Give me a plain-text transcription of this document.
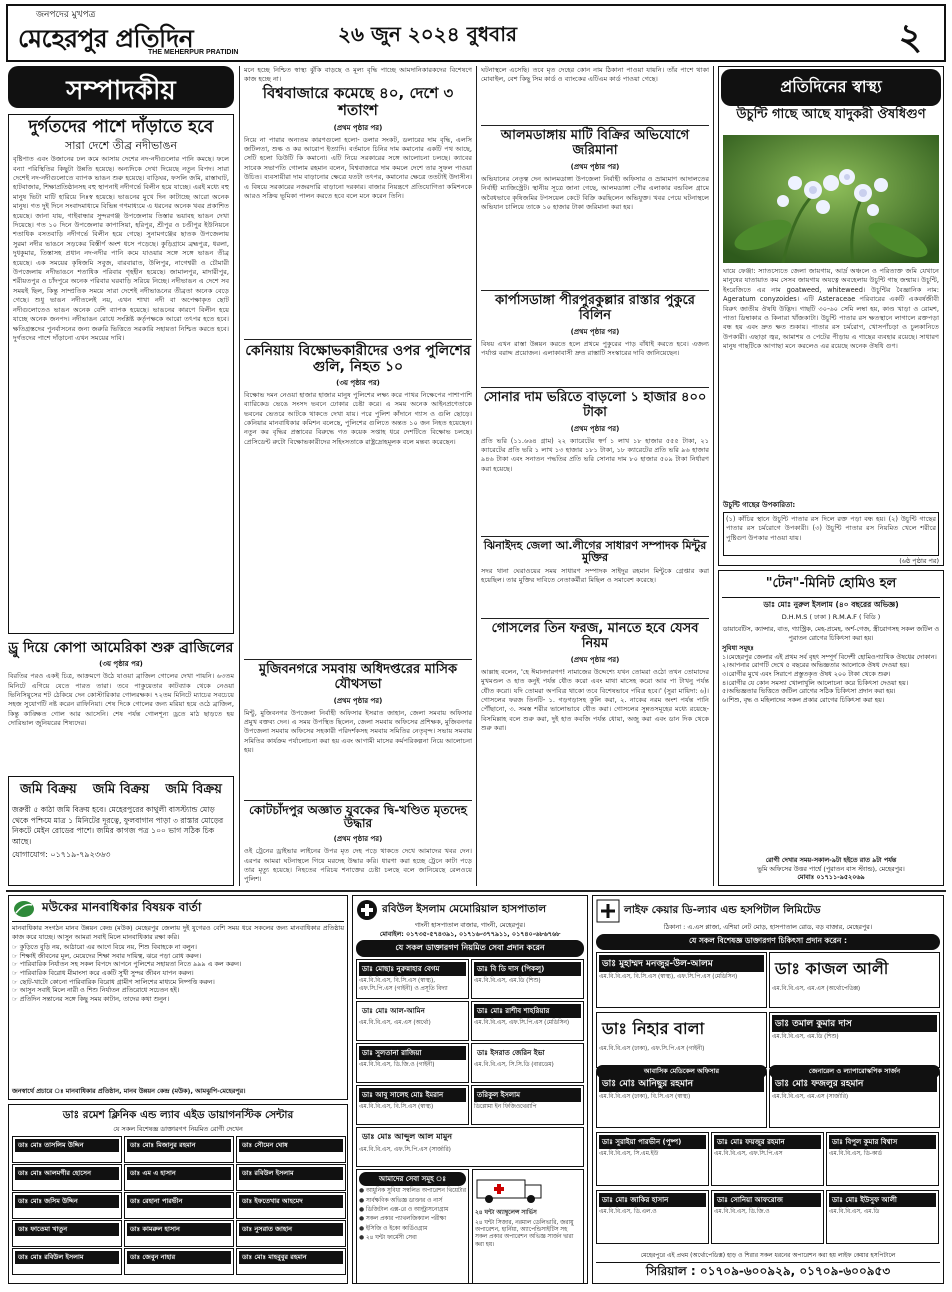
জনপদের মুখপত্র
মেহেরপুর প্রতিদিন
THE MEHERPUR PRATIDIN
২৬ জুন ২০২৪ বুধবার	২
সম্পাদকীয়
দুর্গতদের পাশে দাঁড়াতে হবে
সারা দেশে তীব্র নদীভাঙন
বৃষ্টিপাত এবং উজানের ঢল কমে আসায় দেশের নদ-নদীগুলোর পানি কমছে। ফলে বন্যা পরিস্থিতির কিছুটা উন্নতি হয়েছে। অন্যদিকে দেখা দিয়েছে নতুন বিপদ। সারা দেশেই নদ-নদীগুলোতে ব্যাপক ভাঙন শুরু হয়েছে। বাড়িঘর, ফসলি জমি, রাস্তাঘাট, হাটবাজার, শিক্ষাপ্রতিষ্ঠানসহ বহু স্থাপনাই নদীগর্ভে বিলীন হয়ে যাচ্ছে। এরই মধ্যে বহু মানুষ ভিটা মাটি হারিয়ে নিঃস্ব হয়েছে। ভাঙনের মুখে দিন কাটাচ্ছে আরো অনেক মানুষ। গত দুই দিনে সংবাদমাধ্যমে বিভিন্ন গণমাধ্যমে এ ধরনের অনেক খবর প্রকাশিত হয়েছে। জানা যায়, গাইবান্ধার সুন্দরগঞ্জ উপজেলায় তিস্তার ভয়াবহ ভাঙন দেখা দিয়েছে। গত ১০ দিনে উপজেলার কাপাসিয়া, হরিপুর, শ্রীপুর ও চণ্ডীপুর ইউনিয়নে শতাধিক বসতবাড়ি নদীগর্ভে বিলীন হয়ে গেছে। সুনামগঞ্জের ছাতক উপজেলায় সুরমা নদীর ভাঙনে সড়কের বিস্তীর্ণ অংশ ধসে পড়েছে। কুড়িগ্রামে ব্রহ্মপুত্র, ধরলা, দুধকুমার, তিস্তাসহ প্রধান নদ-নদীর পানি কমে যাওয়ার সঙ্গে সঙ্গে ভাঙন তীব্র হয়েছে। এক সময়ের কৃষিজমি সবুজ, বারবারাত, উলিপুর, নাগেশ্বরী ও চৌমারী উপজেলায় নদীভাঙনে শতাধিক পরিবার গৃহহীন হয়েছে। জামালপুর, মাদারীপুর, শরীয়তপুর ও চাঁদপুরে অনেক পরিবার ঘরবাড়ি সরিয়ে নিচ্ছে। নদীভাঙন এ দেশে সব সময়ই ছিল, কিন্তু সাম্প্রতিক সময়ে সারা দেশেই নদীভাঙনের তীব্রতা অনেক বেড়ে গেছে। শুধু ভাঙন নদীতলেই নয়, এখন শাখা নদী বা অপেক্ষাকৃত ছোট নদীগুলোতেও ভাঙন অনেক বেশি ব্যাপক হয়েছে। ভাঙনের কারণে বিলীন হয়ে যাচ্ছে অনেক জনপদ। নদীভাঙন রোধে সংশ্লিষ্ট কর্তৃপক্ষকে আরো তৎপর হতে হবে। ক্ষতিগ্রস্তদের পুনর্বাসনের জন্য জরুরি ভিত্তিতে সরকারি সহায়তা নিশ্চিত করতে হবে। দুর্গতদের পাশে দাঁড়ানো এখন সময়ের দাবি।
ড্রু দিয়ে কোপা আমেরিকা শুরু ব্রাজিলের
(৩য় পৃষ্ঠার পর)
বিরতির পরও একই চিত্র, আক্রমণে উঠে যাওয়া ব্রাজিল গোলের দেখা পায়নি। ৬৩তম মিনিটে এগিয়ে যেতে পারত তারা। তবে পাকুয়েতার কাটব্যাক থেকে নেওয়া ভিনিসিয়ুসের শট ঠেকিয়ে দেন কোস্টারিকার গোলরক্ষক। ৭২তম মিনিটে ম্যাচের সবচেয়ে সহজ সুযোগটি নষ্ট করেন রাফিনিয়া। শেষ দিকে গোলের জন্য মরিয়া হয়ে ওঠে ব্রাজিল, কিন্তু কাঙ্ক্ষিত গোল আর আসেনি। শেষ পর্যন্ত গোলশূন্য ড্রতে মাঠ ছাড়তে হয় দোরিভাল জুনিয়রের শিষ্যদের।
জমি বিক্রয় জমি বিক্রয় জমি বিক্রয়
জরুরী ৫ কাঠা জমি বিক্রয় হবে। মেহেরপুরের কাথুলী বাসস্ট্যান্ড মোড় থেকে পশ্চিমে মাত্র ১ মিনিটের দূরত্বে, ফুলবাগান পাড়া ৩ রাস্তার মোড়ের নিকটে মেইন রোডের পাশে। জমির কাগজ পত্র ১০০ ভাগ সঠিক চিক আছে।
যোগাযোগ: ০১৭১৯-৭৯২৩৬৩
মনে হচ্ছে নিশ্চিত স্বাস্থ্য ঝুঁকি বাড়ছে ও মূল্য বৃদ্ধি পাচ্ছে আমদানিকারকদের বিশেষণে কাজ হচ্ছে না।
বিশ্ববাজারে কমেছে ৪০, দেশে ৩ শতাংশ
(প্রথম পৃষ্ঠার পর)
নিয়ে না পারার অন্যতম কারণগুলো হলো- ডলার সংকট, ডলারের দাম বৃদ্ধি, এলসি জটিলতা, শুল্ক ও কর আরোপ ইত্যাদি। বর্তমানে চিনির দাম কমানোর একটি পথ আছে, সেটি হলো ডিউটি কি কমানো। এটি নিয়ে সরকারের সঙ্গে আলোচনা চলছে। ক্যাবের সাবেক সভাপতি গোলাম রহমান বলেন, বিশ্ববাজারে দাম কমলে দেশে তার সুফল পাওয়া উচিত। ব্যবসায়ীরা দাম বাড়ানোর ক্ষেত্রে যতটা তৎপর, কমানোর ক্ষেত্রে ততটাই উদাসীন। এ বিষয়ে সরকারের নজরদারি বাড়ানো দরকার। বাজার নিয়ন্ত্রণে প্রতিযোগিতা কমিশনকে আরও সক্রিয় ভূমিকা পালন করতে হবে বলে মনে করেন তিনি।
কেনিয়ায় বিক্ষোভকারীদের ওপর পুলিশের গুলি, নিহত ১০
(৩য় পৃষ্ঠার পর)
বিক্ষোভ দমন নেওয়া হাজার হাজার মানুষ পুলিশের লক্ষ্য করে পাথর নিক্ষেপের পাশাপাশি ব্যারিকেড ভেঙে সংসদ ভবনে ঢোকার চেষ্টা করে। এ সময় অনেক আইনপ্রণেতাকে ভবনের ভেতরে আটকে থাকতে দেখা যায়। পরে পুলিশ কাঁদানে গ্যাস ও গুলি ছোড়ে। কেনিয়ার মানবাধিকার কমিশন বলেছে, পুলিশের গুলিতে অন্তত ১০ জন নিহত হয়েছেন। নতুন কর বৃদ্ধির প্রস্তাবের বিরুদ্ধে গত কয়েক সপ্তাহ ধরে দেশটিতে বিক্ষোভ চলছে। প্রেসিডেন্ট রুটো বিক্ষোভকারীদের সহিংসতাকে রাষ্ট্রদ্রোহমূলক বলে মন্তব্য করেছেন।
মুজিবনগরে সমবায় অধিদপ্তরের মাসিক যৌথসভা
(প্রথম পৃষ্ঠার পর)
মিন্টু, মুজিবনগর উপজেলা নির্বাহী অফিসার ইসরাত জাহান, জেলা সমবায় অফিসার প্রমুখ বক্তব্য দেন। এ সময় উপস্থিত ছিলেন, জেলা সমবায় অফিসের প্রশিক্ষক, মুজিবনগর উপজেলা সমবায় অফিসের সহকারী পরিদর্শকসহ সমবায় সমিতির নেতৃবৃন্দ। সভায় সমবায় সমিতির কার্যক্রম পর্যালোচনা করা হয় এবং আগামী মাসের কর্মপরিকল্পনা নিয়ে আলোচনা হয়।
কোটচাঁদপুর অজ্ঞাত যুবকের দ্বি-খণ্ডিত মৃতদেহ উদ্ধার
(প্রথম পৃষ্ঠার পর)
ওই ট্রেনের ড্রাইভার লাইনের উপর মৃত দেহ পড়ে থাকতে দেখে আমাদের খবর দেন। এরপর আমরা ঘটনাস্থলে গিয়ে মরদেহ উদ্ধার করি। ধারণা করা হচ্ছে ট্রেনে কাটা পড়ে তার মৃত্যু হয়েছে। নিহতের পরিচয় শনাক্তের চেষ্টা চলছে বলে জানিয়েছে রেলওয়ে পুলিশ।
ঘটনাস্থলে এসেছি। তবে মৃত দেহের কোন নাম ঠিকানা পাওয়া যায়নি। তাঁর পাশে থাকা মোবাইল, বেশ কিছু সিম কার্ড ও ব্যাংকের এটিএম কার্ড পাওয়া গেছে।
আলমডাঙ্গায় মাটি বিক্রির অভিযোগে জরিমানা
(প্রথম পৃষ্ঠার পর)
অভিযানের নেতৃত্ব দেন আলমডাঙ্গা উপজেলা নির্বাহী অফিসার ও ভ্রাম্যমাণ আদালতের নির্বাহী ম্যাজিস্ট্রেট। স্থানীয় সূত্রে জানা গেছে, আলমডাঙ্গা পৌর এলাকার বন্ডবিল গ্রামে অবৈধভাবে কৃষিজমির টপসয়েল কেটে বিক্রি করছিলেন অভিযুক্ত। খবর পেয়ে ঘটনাস্থলে অভিযান চালিয়ে তাকে ১০ হাজার টাকা জরিমানা করা হয়।
কার্পাসডাঙ্গা পীরপুরকুল্লার রাস্তার পুকুরে বিলিন
(প্রথম পৃষ্ঠার পর)
বিষয় এখন রাস্তা উন্নয়ন করতে হলে প্রথমে পুকুরের পাড় বাঁধাই করতে হবে। এজন্য পর্যাপ্ত বরাদ্দ প্রয়োজন। এলাকাবাসী দ্রুত রাস্তাটি সংস্কারের দাবি জানিয়েছেন।
সোনার দাম ভরিতে বাড়লো ১ হাজার ৪০০ টাকা
(প্রথম পৃষ্ঠার পর)
প্রতি ভরি (১১.৬৬৪ গ্রাম) ২২ ক্যারেটের স্বর্ণ ১ লাখ ১৮ হাজার ৫৫৫ টাকা, ২১ ক্যারেটের প্রতি ভরি ১ লাখ ১৩ হাজার ১৮১ টাকা, ১৮ ক্যারেটের প্রতি ভরি ৯৬ হাজার ৯৪৬ টাকা এবং সনাতন পদ্ধতির প্রতি ভরি সোনার দাম ৮০ হাজার ৫০৯ টাকা নির্ধারণ করা হয়েছে।
ঝিনাইদহ জেলা আ.লীগের সাধারণ সম্পাদক মিন্টুর মুক্তির
সদর থানা ঘেরাওয়ের সময় সাধারণ সম্পাদক সাইদুর রহমান মিন্টুকে গ্রেপ্তার করা হয়েছিল। তার মুক্তির দাবিতে নেতাকর্মীরা মিছিল ও সমাবেশ করেছে।
গোসলের তিন ফরজ, মানতে হবে যেসব নিয়ম
(প্রথম পৃষ্ঠার পর)
আল্লাহ বলেন, 'হে ঈমানদারগণ! নামাজের উদ্দেশ্যে যখন তোমরা ওঠো তখন তোমাদের মুখমণ্ডল ও হাত কনুই পর্যন্ত ধৌত করো এবং মাথা মাসেহ করো আর পা টাখনু পর্যন্ত ধৌত করো। যদি তোমরা অপবিত্র থাকো তবে বিশেষভাবে পবিত্র হবে।' (সুরা মায়িদা: ৬)। গোসলের ফরজ তিনটি- ১. গড়গড়াসহ কুলি করা, ২. নাকের নরম অংশ পর্যন্ত পানি পৌঁছানো, ৩. সমস্ত শরীর ভালোভাবে ধৌত করা। গোসলের সুন্নতসমূহের মধ্যে রয়েছে- বিসমিল্লাহ বলে শুরু করা, দুই হাত কবজি পর্যন্ত ধোয়া, অজু করা এবং ডান দিক থেকে শুরু করা।
প্রতিদিনের স্বাস্থ্য
উচুন্টি গাছে আছে যাদুকরী ঔষধিগুণ
ঘায়ে ফেঞ্জা: স্যাতস্যেতে জেলা জায়গায়, আর্দ্র অঞ্চলে ও পরিত্যক্ত জমি যেখানে মানুষের যাতায়াত কম সেসব জায়গায় অযত্নে অবহেলায় উচুন্টি গাছ জন্মায়। উচুন্টি, ইংরেজিতে এর নাম goatweed, whiteweed। উচুন্টির বৈজ্ঞানিক নাম: Ageratum conyzoides। এটি Asteraceae পরিবারের একটি একবর্ষজীবী বিরুৎ জাতীয় ঔষধি উদ্ভিদ। গাছটি ৩০-৬০ সেমি লম্বা হয়, কাণ্ড খাড়া ও রোমশ, পাতা ডিম্বাকার ও কিনারা খাঁজকাটা। উচুন্টি পাতার রস ক্ষতস্থানে লাগালে রক্তপড়া বন্ধ হয় এবং দ্রুত ক্ষত শুকায়। পাতার রস চর্মরোগ, খোসপাঁচড়া ও চুলকানিতে উপকারী। এছাড়া জ্বর, আমাশয় ও পেটের পীড়ায় এ গাছের ব্যবহার রয়েছে। সাধারণ মানুষ গাছটিকে আগাছা মনে করলেও এর রয়েছে অনেক ঔষধি গুণ।
উচুন্টি গাছের উপকারিতা:
(১) কাঁচির স্থানে উচুন্টি পাতার রস দিলে রক্ত পড়া বন্ধ হয়। (২) উচুন্টি গাছের পাতার রস চর্মরোগে উপকারী। (৩) উচুন্টি পাতার রস নিয়মিত খেলে শরীরে পুষ্টিগুণ উপকার পাওয়া যায়।
(৬ষ্ঠ পৃষ্ঠার পর)
"টেন"-মিনিট হোমিও হল
ডাঃ মোঃ নুরুল ইসলাম (৪০ বছরের অভিজ্ঞ)
D.H.M.S ( ঢাকা ) R.M.A.F ( বিডি )
ডায়াবেটিস, ক্যান্সার, বাত, গ্যাস্ট্রিক, মেহ-প্রমেহ, অর্শ-গেজ, স্ত্রীরোগসহ সকল জটিল ও পুরাতন রোগের চিকিৎসা করা হয়।
সুবিধা সমূহঃ
১।মেহেরপুর জেলার এই প্রথম সর্ব বৃহৎ সম্পূর্ণ বিদেশী হোমিওপ্যাথিক ঔষধের দোকান।
২।আপনার রোগটি দেখে ৫ বছরের অভিজ্ঞতার আলোকে ঔষধ দেওয়া হয়।
৩।রোগীর মুখে এবং সিরাপে প্রস্তুতকৃত ঔষধ ২০০ টাকা থেকে শুরু।
৪।রোগীর যে কোন সমস্যা খোলাখুলি আলোচনা করে চিকিৎসা দেওয়া হয়।
৫।অভিজ্ঞতার ভিত্তিতে জটিল রোগের সঠিক চিকিৎসা প্রদান করা হয়।
৬।শিশু, বৃদ্ধ ও মহিলাদের সকল প্রকার রোগের চিকিৎসা করা হয়।
রোগী দেখার সময়-সকাল-৯টা হইতে রাত ৯টা পর্যন্ত
ভুমি অফিসের উত্তর পার্শ্বে (পুরাতন বাস স্ট্যান্ড), মেহেরপুর।
মোবাঃ ০১৭১১-৯৫২০৬৯
মউকের মানবাধিকার বিষয়ক বার্তা
মানবাধিকার সংগঠন মানব উন্নয়ন কেন্দ্র (মউক) মেহেরপুর জেলায় দুই যুগেরও বেশি সময় ধরে সকলের জন্য মানবাধিকার প্রতিষ্ঠায় কাজ করে যাচ্ছে। আসুন আমরা সবাই মিলে মানবাধিকার রক্ষা করি।
☞ কুড়িতে বুড়ি নয়, আঠারো এর আগে বিয়ে নয়, শিশু বিবাহকে না বলুন।
☞ শিক্ষাই জীবনের মূল, মেয়েদের শিক্ষা সবার দায়িত্ব, ঝরে পড়া রোধ করুন।
☞ পারিবারিক নির্যাতন সহ সকল বিপদে আপনে পুলিশের সহায়তা নিতে ৯৯৯ এ কল করুন।
☞ পারিবারিক বিরোধ মীমাংসা করে একটি সুখী সুন্দর জীবন যাপন করুন।
☞ ছোট-খাটো কোনো পারিবারিক বিরোধ গ্রামীণ সালিশের মাধ্যমে নিষ্পত্তি করুন।
☞ আসুন সবাই মিলে নারী ও শিশু নির্যাতন প্রতিরোধে সচেতন হই।
☞ প্রতিদিন সন্তানের সঙ্গে কিছু সময় কাটান, তাদের কথা শুনুন।
জনস্বার্থে প্রচারে ঃ মানবাধিকার প্রতিষ্ঠান, মানব উন্নয়ন কেন্দ্র (মউক), আমঝুপি-মেহেরপুর।
ডাঃ রমেশ ক্লিনিক এন্ড ল্যাব এইড ডায়াগনস্টিক সেন্টার
যে সকল বিশেষজ্ঞ ডাক্তারগণ নিয়মিত রোগী দেখেন
ডাঃ মোঃ তাসলিম উদ্দিন	ডাঃ মোঃ মিজানুর রহমান	ডাঃ সৌমেন ঘোষ
ডাঃ মোঃ আলমগীর হোসেন	ডাঃ এম এ হাসান	ডাঃ রবিউল ইসলাম
ডাঃ মোঃ জসিম উদ্দিন	ডাঃ রেহানা পারভীন	ডাঃ ইফতেখার আহমেদ
ডাঃ ফাতেমা খাতুন	ডাঃ কামরুল হাসান	ডাঃ নুসরাত জাহান
ডাঃ মোঃ রবিউল ইসলাম	ডাঃ জেবুন নাহার	ডাঃ মোঃ মাহবুবুর রহমান
রবিউল ইসলাম মেমোরিয়াল হাসপাতাল
গাংনী হাসপাতাল বাজার, গাংনী, মেহেরপুর।
মোবাইল: ০১৭৩৫-৫৭৪৩৯১, ০১৭১৬-৩৭৭৯১১, ০১৭৪০-৬৮৬৭৬৮
যে সকল ডাক্তারগণ নিয়মিত সেবা প্রদান করেন
ডাঃ মোছাঃ নুরুন্নাহার বেগম
এম.বি.বি.এস, বি.সি.এস (স্বাস্থ্য), এফ.সি.পি.এস (গাইনী) ও প্রসূতি বিদ্যা
ডাঃ বি ডি দাস (পিকলু)
এম.বি.বি.এস, এম.ডি (শিশু)
ডাঃ মোঃ আল-আমিন
এম.বি.বি.এস, এম.এস (অর্থো)
ডাঃ মোঃ রাশীব শাহরিয়ার
এম.বি.বি.এস, এফ.সি.পি.এস (মেডিসিন)
ডাঃ সুলতানা রাজিয়া
এম.বি.বি.এস, ডি.জি.ও (গাইনী)
ডাঃ ইসরাত জেরিন ইভা
এম.বি.বি.এস, সি.সি.ডি (বারডেম)
ডাঃ আবু সালেহ মোঃ ইমরান
এম.বি.বি.এস, বি.সি.এস (স্বাস্থ্য)
তরিকুল ইসলাম
ডিপ্লোমা ইন ফিজিওথেরাপি
ডাঃ মোঃ আব্দুল আল মামুন
এম.বি.বি.এস, এফ.সি.পি.এস (সার্জারি)
আমাদের সেবা সমূহ ঃ
● আধুনিক সুবিধা সম্বলিত অপারেশন থিয়েটার
● সার্বক্ষণিক অভিজ্ঞ ডাক্তার ও নার্স
● ডিজিটাল এক্স-রে ও আল্ট্রাসনোগ্রাম
● সকল প্রকার প্যাথলজিক্যাল পরীক্ষা
● ইসিজি ও ইকো কার্ডিওগ্রাম
● ২৪ ঘন্টা ফার্মেসী সেবা
২৪ ঘন্টা অ্যাম্বুলেন্স সার্ভিস
২৪ ঘন্টা সিজার, নরমাল ডেলিভারি, জরায়ু অপারেশন, হার্নিয়া, অ্যাপেন্ডিসাইটিস সহ সকল প্রকার অপারেশন অভিজ্ঞ সার্জন দ্বারা করা হয়।
লাইফ কেয়ার ডি-ল্যাব এন্ড হসপিটাল লিমিটেড
ঠিকানা : এ.এস প্লাজা, এশিয়া নেট মোড়, হাসপাতাল রোড, বড় বাজার, মেহেরপুর।
যে সকল বিশেষজ্ঞ ডাক্তারগণ চিকিৎসা প্রদান করেন :
ডাঃ মুহাম্মদ মনজুর-উল-আলম
এম.বি.বি.এস, বি.সি.এস (স্বাস্থ্য), এফ.সি.পি.এস (মেডিসিন)	ডাঃ কাজল আলী
এম.বি.বি.এস, এম.এস (অর্থোপেডিক্স)
ডাঃ নিহার বালা
এম.বি.বি.এস (ঢাকা), এফ.সি.পি.এস (গাইনী)
ডাঃ তমাল কুমার দাস
এম.বি.বি.এস, এম.ডি (শিশু)
ডাঃ মোঃ আনিছুর রহমান
এম.বি.বি.এস (ঢাকা), বি.সি.এস (স্বাস্থ্য)
ডাঃ মোঃ ফজলুর রহমান
এম.বি.বি.এস, এম.এস (সার্জারি)
ডাঃ সুরাইয়া পারভীন (পুষ্প)
এম.বি.বি.এস, সি.এম.ইউ
ডাঃ মোঃ ফয়জুর রহমান
এম.বি.বি.এস, এফ.সি.পি.এস
ডাঃ বিপুল কুমার বিশ্বাস
এম.বি.বি.এস, ডি-কার্ড
ডাঃ মোঃ জাকির হাসান
এম.বি.বি.এস, ডি.এল.ও
ডাঃ সোনিয়া আফরোজ
এম.বি.বি.এস, ডি.জি.ও
ডাঃ মোঃ ইউসুফ আলী
এম.বি.বি.এস, এম.ডি
আবাসিক মেডিকেল অফিসার	জেনারেল ও ল্যাপারোস্কপিক সার্জন
মেহেরপুরে এই প্রথম (অর্থোপেডিক্স) হাড় ও শিরার সকল ধরনের অপারেশন করা হয় লাইফ কেয়ার হসপিটালে
সিরিয়াল : ০১৭০৯-৬০০৯২৯, ০১৭০৯-৬০০৯৫৩
